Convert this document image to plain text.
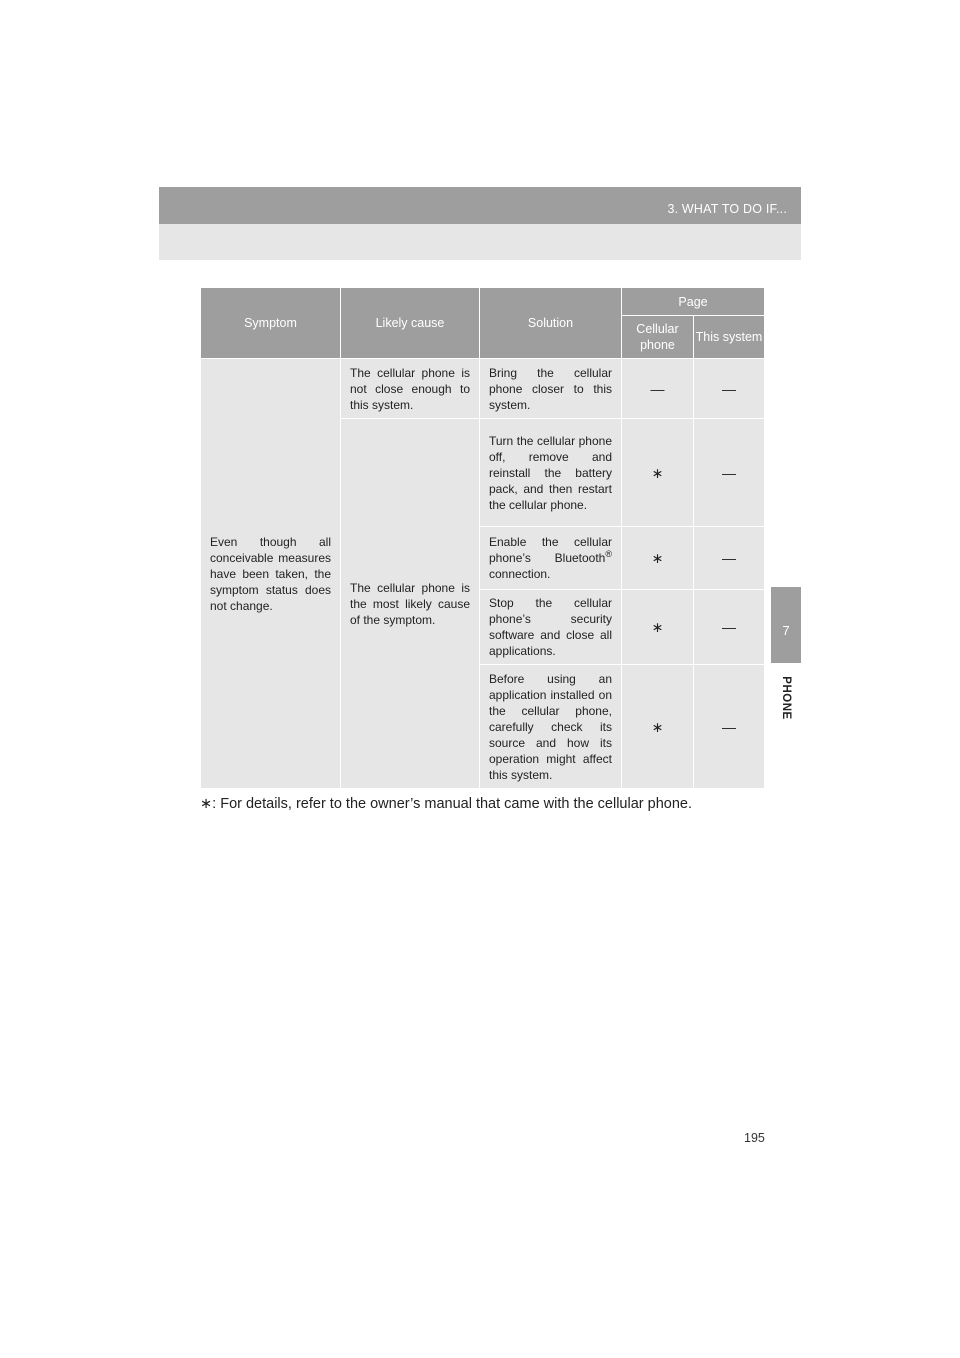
3. WHAT TO DO IF...
7
PHONE
Symptom	Likely cause	Solution	Page	
			Cellular phone	This system
Even though all conceivable measures have been taken, the symptom status does not change.	The cellular phone is not close enough to this system.	Bring the cellular phone closer to this system.	—	—
	The cellular phone is the most likely cause of the symptom.	Turn the cellular phone off, remove and reinstall the battery pack, and then restart the cellular phone.	∗	—
		Enable the cellular phone’s Bluetooth® connection.	∗	—
		Stop the cellular phone’s security software and close all applications.	∗	—
		Before using an application installed on the cellular phone, carefully check its source and how its operation might affect this system.	∗	—
∗: For details, refer to the owner’s manual that came with the cellular phone.
195
